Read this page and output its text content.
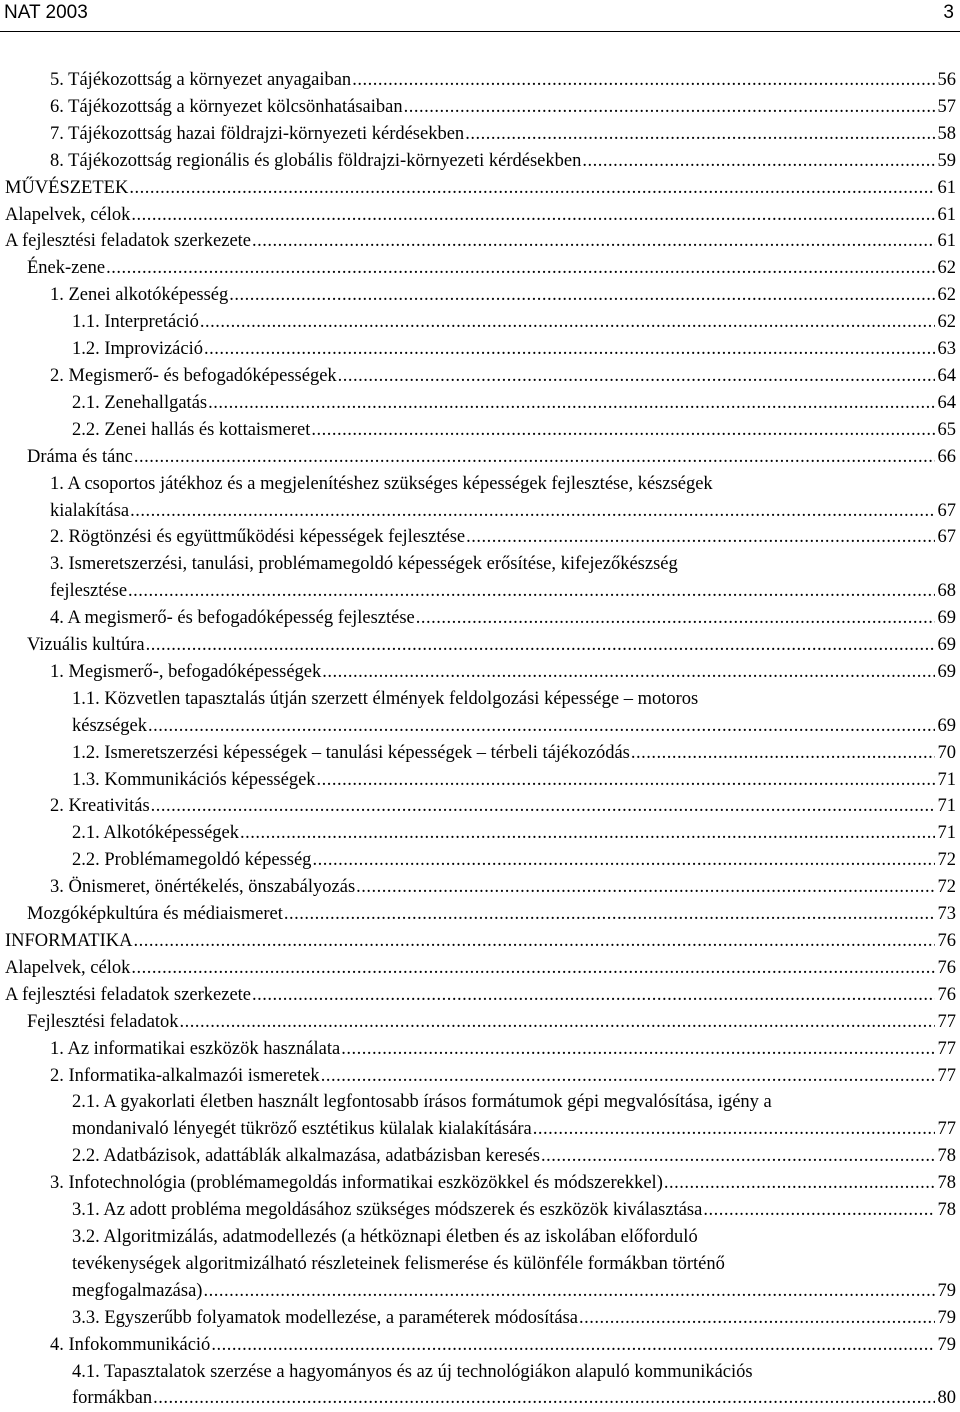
NAT 2003	3
5. Tájékozottság a környezet anyagaiban .....	56
6. Tájékozottság a környezet kölcsönhatásaiban .....	57
7. Tájékozottság hazai földrajzi-környezeti kérdésekben .....	58
8. Tájékozottság regionális és globális földrajzi-környezeti kérdésekben .....	59
MŰVÉSZETEK .....	61
Alapelvek, célok .....	61
A fejlesztési feladatok szerkezete .....	61
Ének-zene .....	62
1. Zenei alkotóképesség .....	62
1.1. Interpretáció .....	62
1.2. Improvizáció .....	63
2. Megismerő- és befogadóképességek .....	64
2.1. Zenehallgatás .....	64
2.2. Zenei hallás és kottaismeret .....	65
Dráma és tánc .....	66
1. A csoportos játékhoz és a megjelenítéshez szükséges képességek fejlesztése, készségek
kialakítása .....	67
2. Rögtönzési és együttműködési képességek fejlesztése .....	67
3. Ismeretszerzési, tanulási, problémamegoldó képességek erősítése, kifejezőkészség
fejlesztése .....	68
4. A megismerő- és befogadóképesség fejlesztése .....	69
Vizuális kultúra .....	69
1. Megismerő-, befogadóképességek .....	69
1.1. Közvetlen tapasztalás útján szerzett élmények feldolgozási képessége – motoros
készségek .....	69
1.2. Ismeretszerzési képességek – tanulási képességek – térbeli tájékozódás .....	70
1.3. Kommunikációs képességek .....	71
2. Kreativitás .....	71
2.1. Alkotóképességek .....	71
2.2. Problémamegoldó képesség .....	72
3. Önismeret, önértékelés, önszabályozás .....	72
Mozgóképkultúra és médiaismeret .....	73
INFORMATIKA .....	76
Alapelvek, célok .....	76
A fejlesztési feladatok szerkezete .....	76
Fejlesztési feladatok .....	77
1. Az informatikai eszközök használata .....	77
2. Informatika-alkalmazói ismeretek .....	77
2.1. A gyakorlati életben használt legfontosabb írásos formátumok gépi megvalósítása, igény a
mondanivaló lényegét tükröző esztétikus külalak kialakítására .....	77
2.2. Adatbázisok, adattáblák alkalmazása, adatbázisban keresés .....	78
3. Infotechnológia (problémamegoldás informatikai eszközökkel és módszerekkel) .....	78
3.1. Az adott probléma megoldásához szükséges módszerek és eszközök kiválasztása .....	78
3.2. Algoritmizálás, adatmodellezés (a hétköznapi életben és az iskolában előforduló
tevékenységek algoritmizálható részleteinek felismerése és különféle formákban történő
megfogalmazása) .....	79
3.3. Egyszerűbb folyamatok modellezése, a paraméterek módosítása .....	79
4. Infokommunikáció .....	79
4.1. Tapasztalatok szerzése a hagyományos és az új technológiákon alapuló kommunikációs
formákban .....	80
